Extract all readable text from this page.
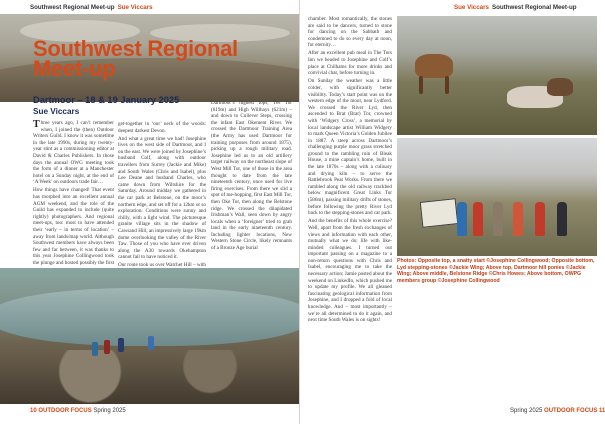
Southwest Regional Meet-up Sue Viccars
Southwest Regional
Meet-up
Dartmoor – 18 & 19 January 2025
Sue Viccars

Three years ago, I can’t remember when, I joined the (then) Outdoor Writers Guild. I know it was sometime in the late 1990s, during my twenty-year stint as a commissioning editor at David & Charles Publishers. In those days the annual OWG meeting took the form of a dinner at a Manchester hotel on a Sunday night, at the end of ‘A Week’ on outdoors trade fair…

How things have changed! That event has morphed into an excellent annual AGM weekend, and the role of the Guild has expanded to include (quite rightly) photographers. And regional meet-ups, too: most to have attended their ‘early – in terms of location’ – away from lands/map world. Although Southwest members have always been few and far between, it was thanks to this year Josephine Collingwood took the plunge and hosted possibly the first

get-together in ‘our’ neck of the woods: deepest darkest Devon.

And what a great time we had! Josephine lives on the west side of Dartmoor, and I on the east. We were joined by Josephine’s husband Colf, along with outdoor travellers from Surrey (Jackie and Mike) and South Wales (Chris and Isabel), plus Lee Deane and husband Charles, who came down from Wiltshire for the Saturday. Around midday we gathered in the car park at Belstone, on the moor’s northern edge, and set off for a 12km or so exploration. Conditions were sunny and chilly, with a light wind. The picturesque granite village sits in the shadow of Cawsand Hill, an impressively large 19km dome overlooking the valley of the River Taw. Those of you who have ever driven along the A30 towards Okehampton cannot fail to have noticed it.

Our route took us over Watchet Hill – with

Dartmoor’s highest tops, Yes Tor (619m) and High Willhays (621m) – and down to Cullever Steps, crossing the infant East Okement River. We crossed the Dartmoor Training Area (the Army has used Dartmoor for training purposes from around 1875), picking up a rough military road. Josephine led us to an old artillery target railway on the northeast slope of West Mill Tor, one of those in the area thought to date from the late nineteenth century, once used for live firing exercises. From there we slid a spot of me-hopping, first East Mill Tor, then Oke Tor, then along the Belstone ridge. We crossed the dilapidated Irishman’s Wall, seen down by angry locals when a ‘foreigner’ tried to grab land in the early nineteenth century. Including lighter locations, New Western Stone Circle, likely remnants of a Bronze Age burial

10 OUTDOOR FOCUS Spring 2025
Sue Viccars Southwest Regional Meet-up

chamber. Most romantically, the stones are said to be dancers, turned to stone for dancing on the Sabbath and condemned to do so every day at noon, for eternity…

After an excellent pub meal in The Tors Inn we headed to Josephine and Colf’s place at Chilhams for more drinks and convivial chat, before turning in.

On Sunday the weather was a little colder, with significantly better visibility. Today’s start point was on the western edge of the moor, near Lydford. We crossed the River Lyd, then ascended to Brat (Brat) Tor, crowned with ‘Widgery Cross’, a memorial by local landscape artist William Widgery to mark Queen Victoria’s Golden Jubilee in 1887. A steep across Dartmoor’s challenging purple moor grass stretched ground to the rambling ruin of Bleak House, a mine captain’s home, built in the late 1870s – along with a culinary and drying kiln – to serve the Rattlebrook Peat Works. From there we rambled along the old railway trackbed below magnificent Great Links Tor (586m), passing military drifts of stones, before following the pretty River Lyd back to the stepping-stones and car park.

And the benefits of this whole exercise? Well, apart from the fresh exchanges of views and information with each other, mutually what we do; life with like-minded colleagues. I turned out important passing on a magazine to a non-return questions with Chris and Isabel, encouraging me to take the necessary action; Jamie posted about the weekend on LinkedIn, which pushed me to update my profile. We all gleaned fascinating geological information from Josephine, and I dropped a fold of local knowledge. And – most importantly – we’re all determined to do it again, and next time South Wales is on sights!

Photos: Opposite top, a snatty start ©Josephine Collingwood; Opposite bottom, Lyd stepping-stones ©Jackie Wing; Above top, Dartmoor hill ponies ©Jackie Wing; Above middle, Belstone Ridge ©Chris Howes; Above bottom, OWPG members group ©Josephine Collingwood
Spring 2025 OUTDOOR FOCUS 11
